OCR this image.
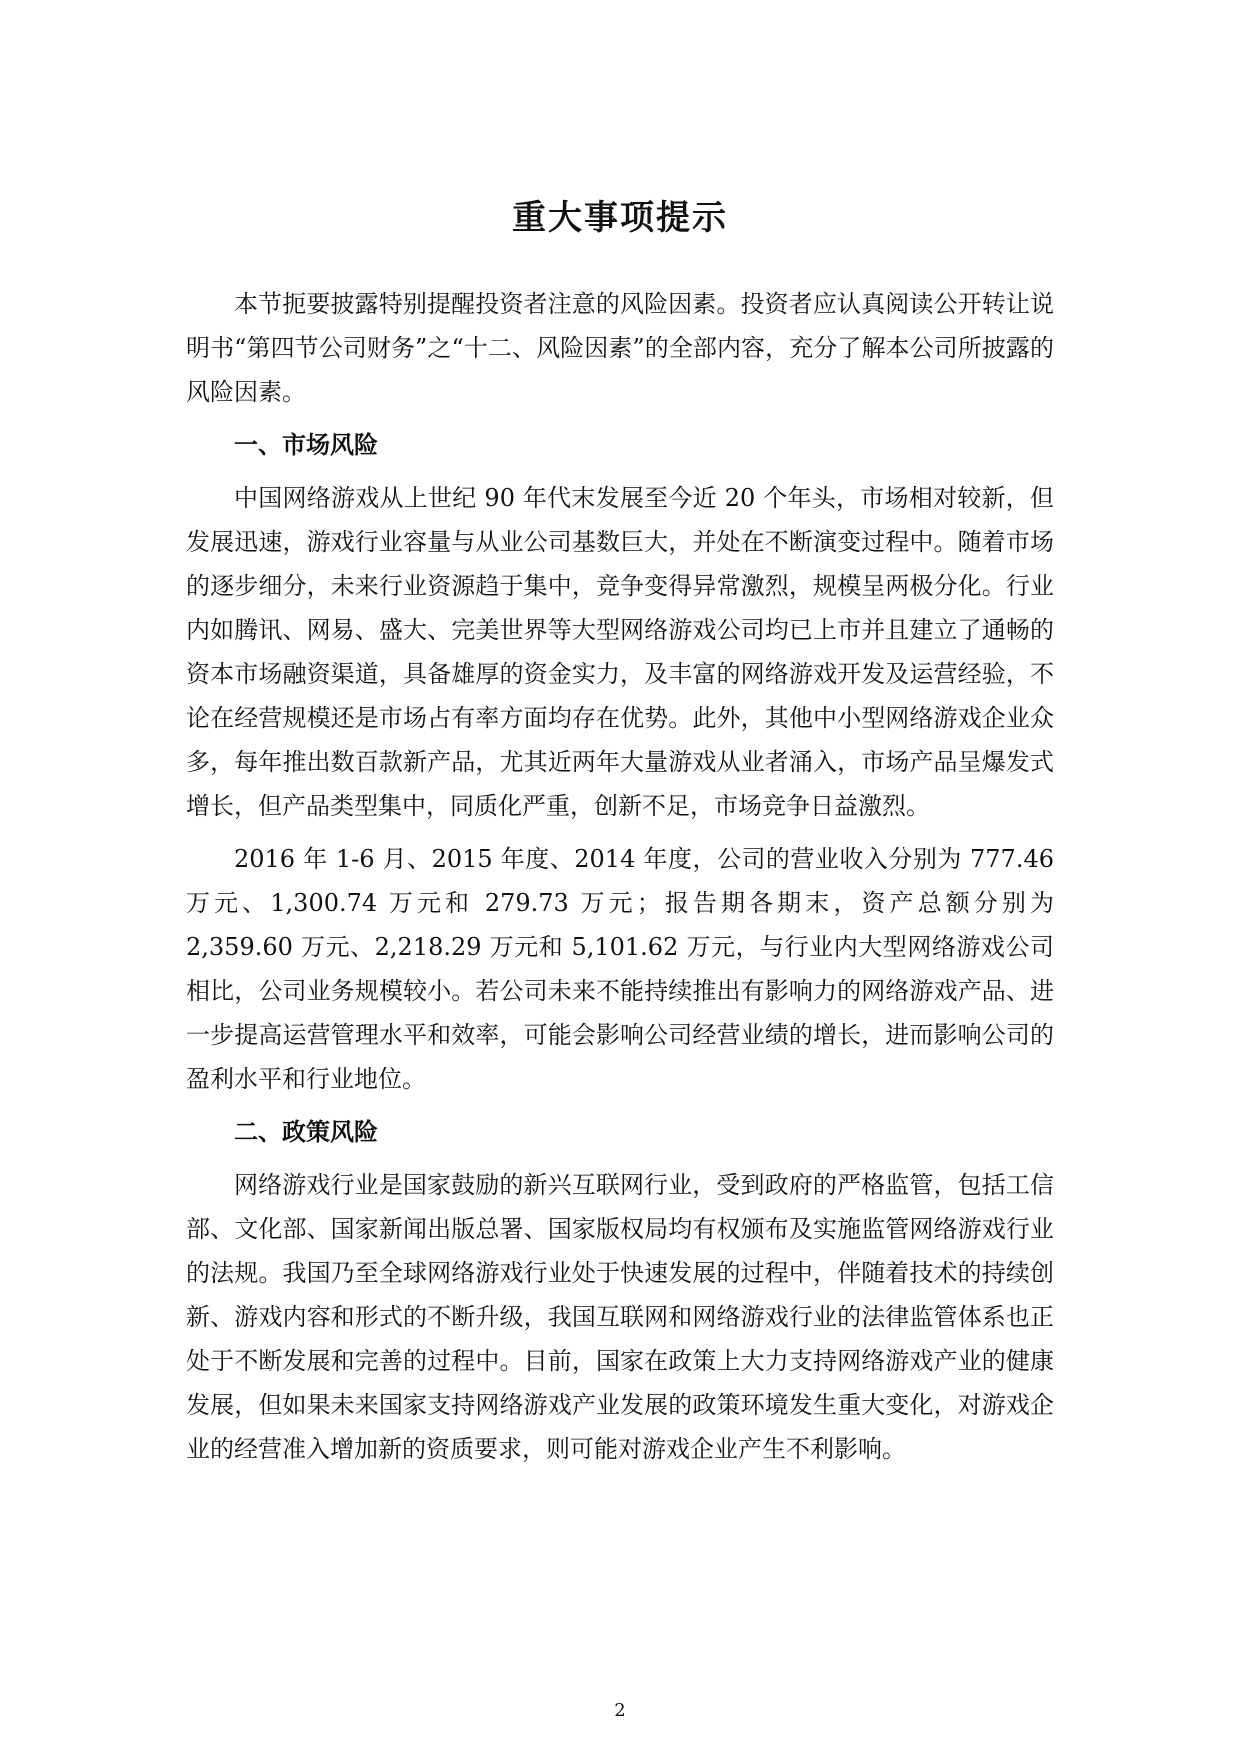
重大事项提示

本节扼要披露特别提醒投资者注意的风险因素。投资者应认真阅读公开转让说明书“第四节公司财务”之“十二、风险因素”的全部内容，充分了解本公司所披露的风险因素。

一、市场风险

中国网络游戏从上世纪 90 年代末发展至今近 20 个年头，市场相对较新，但发展迅速，游戏行业容量与从业公司基数巨大，并处在不断演变过程中。随着市场的逐步细分，未来行业资源趋于集中，竞争变得异常激烈，规模呈两极分化。行业内如腾讯、网易、盛大、完美世界等大型网络游戏公司均已上市并且建立了通畅的资本市场融资渠道，具备雄厚的资金实力，及丰富的网络游戏开发及运营经验，不论在经营规模还是市场占有率方面均存在优势。此外，其他中小型网络游戏企业众多，每年推出数百款新产品，尤其近两年大量游戏从业者涌入，市场产品呈爆发式增长，但产品类型集中，同质化严重，创新不足，市场竞争日益激烈。

2016 年 1-6 月、2015 年度、2014 年度，公司的营业收入分别为 777.46 万元、1,300.74 万元和 279.73 万元；报告期各期末，资产总额分别为 2,359.60 万元、2,218.29 万元和 5,101.62 万元，与行业内大型网络游戏公司相比，公司业务规模较小。若公司未来不能持续推出有影响力的网络游戏产品、进一步提高运营管理水平和效率，可能会影响公司经营业绩的增长，进而影响公司的盈利水平和行业地位。

二、政策风险

网络游戏行业是国家鼓励的新兴互联网行业，受到政府的严格监管，包括工信部、文化部、国家新闻出版总署、国家版权局均有权颁布及实施监管网络游戏行业的法规。我国乃至全球网络游戏行业处于快速发展的过程中，伴随着技术的持续创新、游戏内容和形式的不断升级，我国互联网和网络游戏行业的法律监管体系也正处于不断发展和完善的过程中。目前，国家在政策上大力支持网络游戏产业的健康发展，但如果未来国家支持网络游戏产业发展的政策环境发生重大变化，对游戏企业的经营准入增加新的资质要求，则可能对游戏企业产生不利影响。

2
